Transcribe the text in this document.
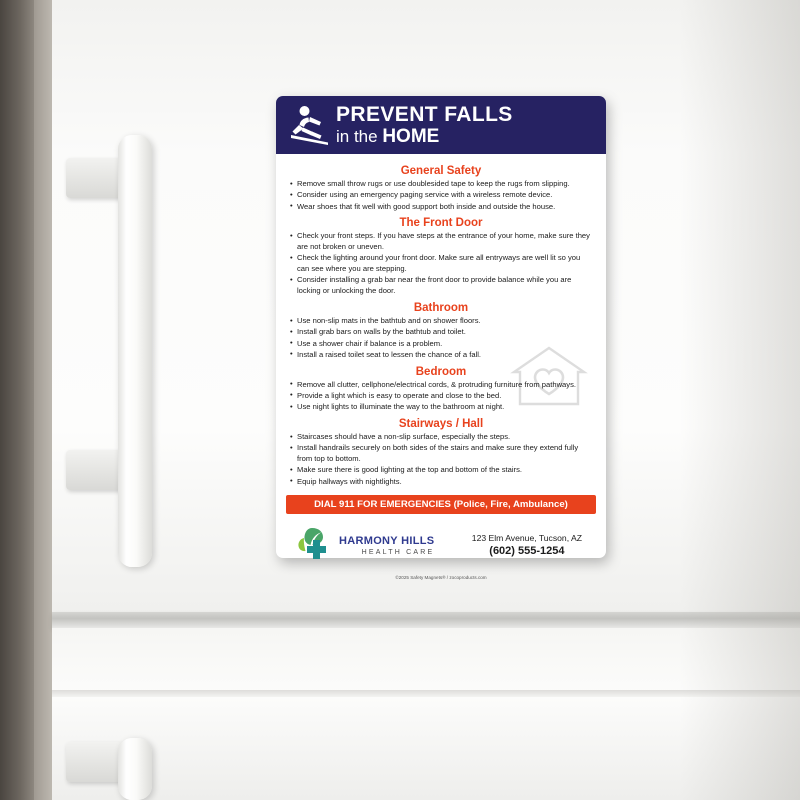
PREVENT FALLS
in the HOME
General Safety
• Remove small throw rugs or use doublesided tape to keep the rugs from slipping.
• Consider using an emergency paging service with a wireless remote device.
• Wear shoes that fit well with good support both inside and outside the house.
The Front Door
• Check your front steps. If you have steps at the entrance of your home, make sure they are not broken or uneven.
• Check the lighting around your front door. Make sure all entryways are well lit so you can see where you are stepping.
• Consider installing a grab bar near the front door to provide balance while you are locking or unlocking the door.
Bathroom
• Use non-slip mats in the bathtub and on shower floors.
• Install grab bars on walls by the bathtub and toilet.
• Use a shower chair if balance is a problem.
• Install a raised toilet seat to lessen the chance of a fall.
Bedroom
• Remove all clutter, cellphone/electrical cords, & protruding furniture from pathways.
• Provide a light which is easy to operate and close to the bed.
• Use night lights to illuminate the way to the bathroom at night.
Stairways / Hall
• Staircases should have a non-slip surface, especially the steps.
• Install handrails securely on both sides of the stairs and make sure they extend fully from top to bottom.
• Make sure there is good lighting at the top and bottom of the stairs.
• Equip hallways with nightlights.
DIAL 911 FOR EMERGENCIES (Police, Fire, Ambulance)
HARMONY HILLS
HEALTH CARE
123 Elm Avenue, Tucson, AZ
(602) 555-1254
©2025 Safety Magnets® / zocoproducts.com
